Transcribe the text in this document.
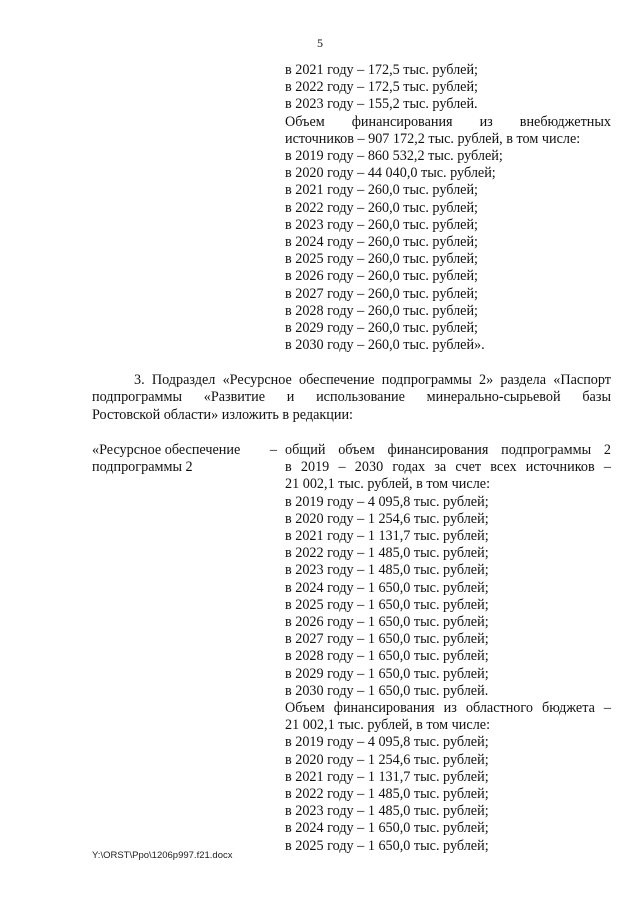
5
в 2021 году – 172,5 тыс. рублей;
в 2022 году – 172,5 тыс. рублей;
в 2023 году – 155,2 тыс. рублей.
Объем финансирования из внебюджетных
источников – 907 172,2 тыс. рублей, в том числе:
в 2019 году – 860 532,2 тыс. рублей;
в 2020 году – 44 040,0 тыс. рублей;
в 2021 году – 260,0 тыс. рублей;
в 2022 году – 260,0 тыс. рублей;
в 2023 году – 260,0 тыс. рублей;
в 2024 году – 260,0 тыс. рублей;
в 2025 году – 260,0 тыс. рублей;
в 2026 году – 260,0 тыс. рублей;
в 2027 году – 260,0 тыс. рублей;
в 2028 году – 260,0 тыс. рублей;
в 2029 году – 260,0 тыс. рублей;
в 2030 году – 260,0 тыс. рублей».
3. Подраздел «Ресурсное обеспечение подпрограммы 2» раздела «Паспорт
подпрограммы «Развитие и использование минерально-сырьевой базы
Ростовской области» изложить в редакции:
«Ресурсное обеспечение –
подпрограммы 2
общий объем финансирования подпрограммы 2
в 2019 – 2030 годах за счет всех источников –
21 002,1 тыс. рублей, в том числе:
в 2019 году – 4 095,8 тыс. рублей;
в 2020 году – 1 254,6 тыс. рублей;
в 2021 году – 1 131,7 тыс. рублей;
в 2022 году – 1 485,0 тыс. рублей;
в 2023 году – 1 485,0 тыс. рублей;
в 2024 году – 1 650,0 тыс. рублей;
в 2025 году – 1 650,0 тыс. рублей;
в 2026 году – 1 650,0 тыс. рублей;
в 2027 году – 1 650,0 тыс. рублей;
в 2028 году – 1 650,0 тыс. рублей;
в 2029 году – 1 650,0 тыс. рублей;
в 2030 году – 1 650,0 тыс. рублей.
Объем финансирования из областного бюджета –
21 002,1 тыс. рублей, в том числе:
в 2019 году – 4 095,8 тыс. рублей;
в 2020 году – 1 254,6 тыс. рублей;
в 2021 году – 1 131,7 тыс. рублей;
в 2022 году – 1 485,0 тыс. рублей;
в 2023 году – 1 485,0 тыс. рублей;
в 2024 году – 1 650,0 тыс. рублей;
в 2025 году – 1 650,0 тыс. рублей;
Y:\ORST\Ppo\1206p997.f21.docx
